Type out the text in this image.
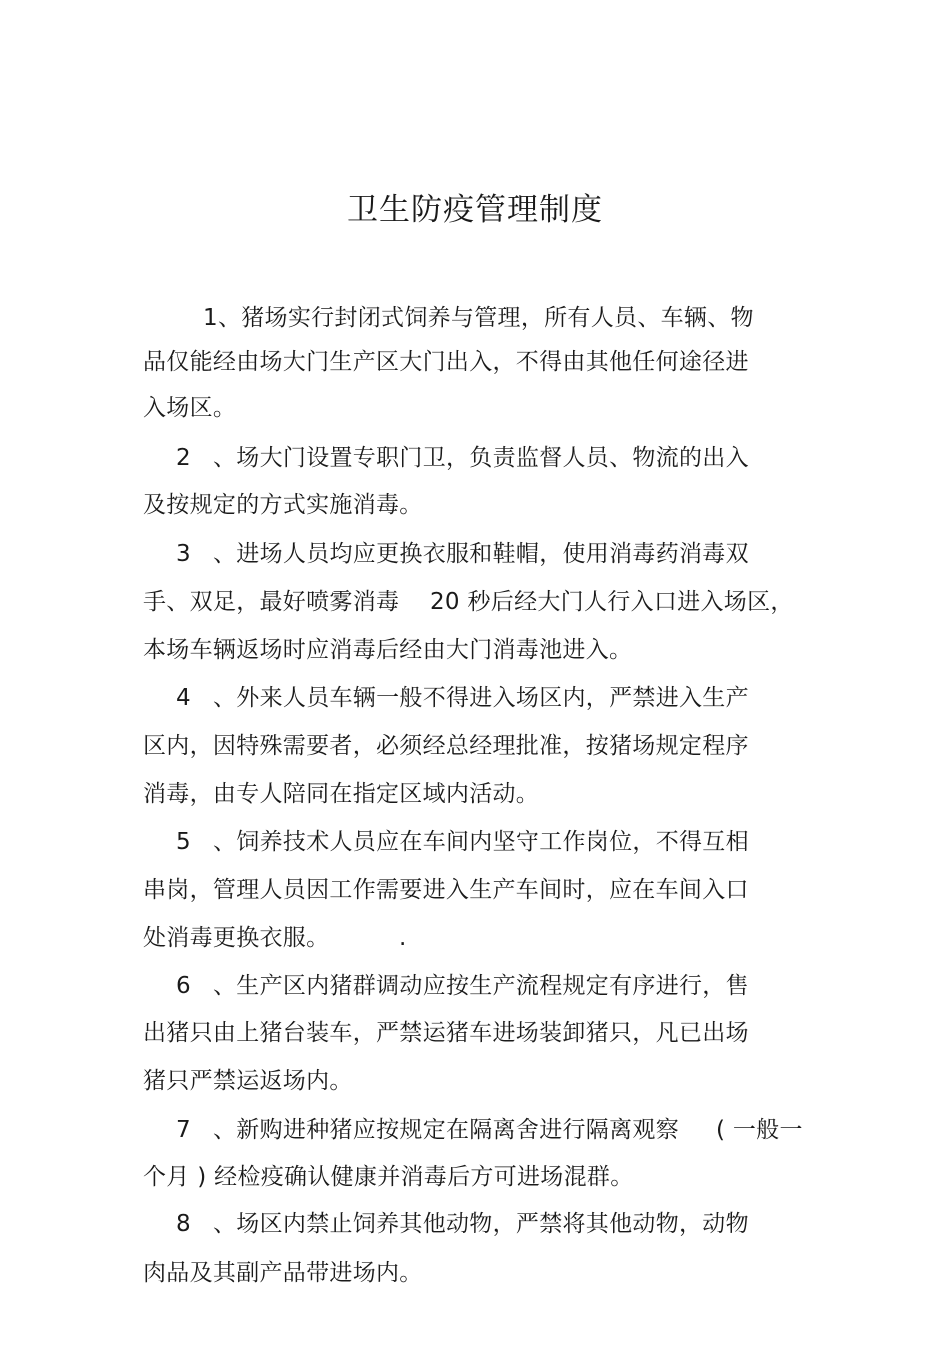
卫生防疫管理制度
1、猪场实行封闭式饲养与管理，所有人员、车辆、物
品仅能经由场大门生产区大门出入，不得由其他任何途径进
入场区。
2 、场大门设置专职门卫，负责监督人员、物流的出入
及按规定的方式实施消毒。
3 、进场人员均应更换衣服和鞋帽，使用消毒药消毒双
手、双足，最好喷雾消毒 20 秒后经大门人行入口进入场区，
本场车辆返场时应消毒后经由大门消毒池进入。
4 、外来人员车辆一般不得进入场区内，严禁进入生产
区内，因特殊需要者，必须经总经理批准，按猪场规定程序
消毒，由专人陪同在指定区域内活动。
5 、饲养技术人员应在车间内坚守工作岗位，不得互相
串岗，管理人员因工作需要进入生产车间时，应在车间入口
处消毒更换衣服。	.
6 、生产区内猪群调动应按生产流程规定有序进行，售
出猪只由上猪台装车，严禁运猪车进场装卸猪只，凡已出场
猪只严禁运返场内。
7 、新购进种猪应按规定在隔离舍进行隔离观察 ( 一般一
个月 ) 经检疫确认健康并消毒后方可进场混群。
8 、场区内禁止饲养其他动物，严禁将其他动物，动物
肉品及其副产品带进场内。
